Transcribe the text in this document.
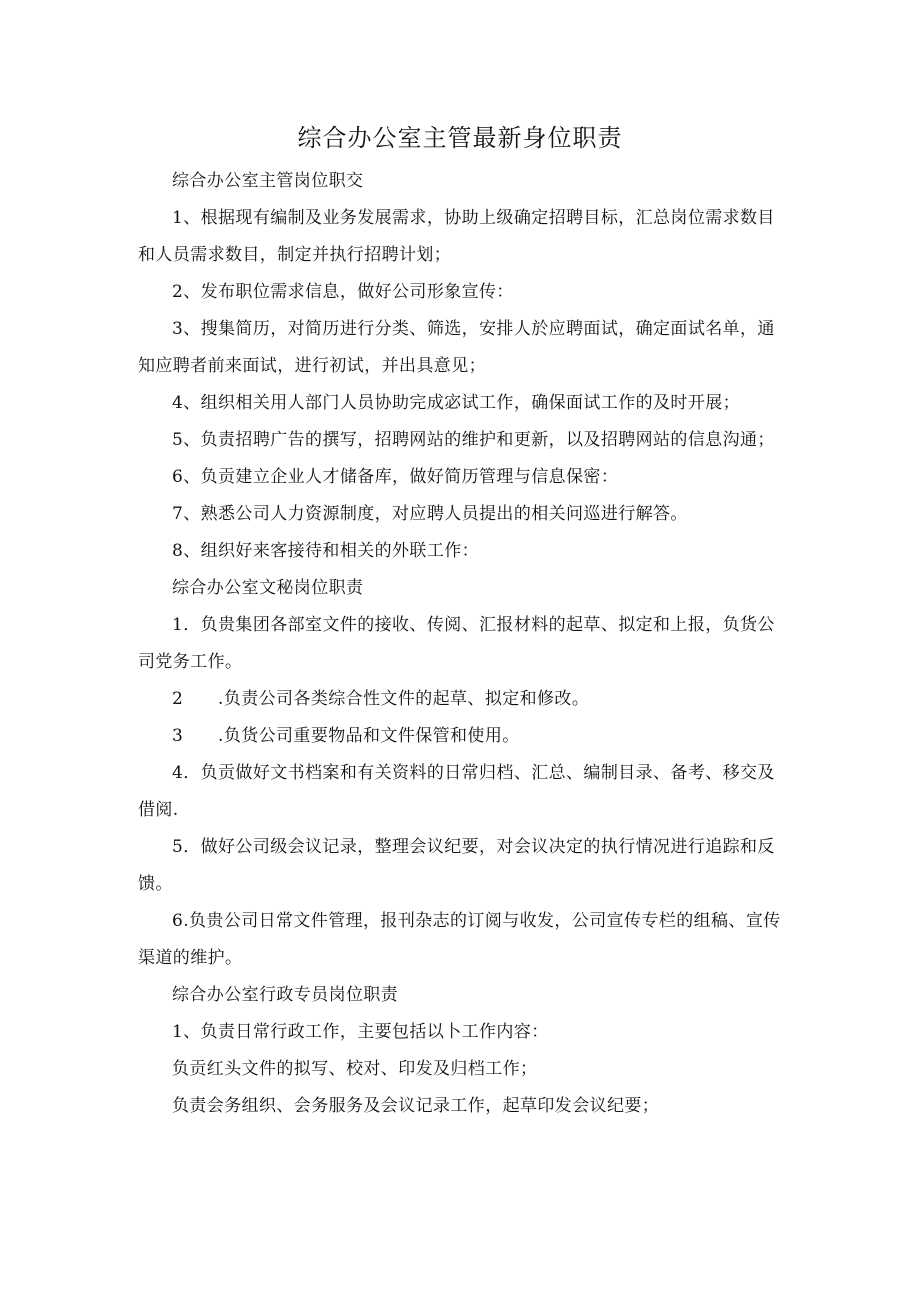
综合办公室主管最新身位职责

综合办公室主管岗位职交

1、根据现有编制及业务发展需求，协助上级确定招聘目标，汇总岗位需求数目和人员需求数目，制定并执行招聘计划；

2、发布职位需求信息，做好公司形象宣传：

3、搜集简历，对简历进行分类、筛选，安排人於应聘面试，确定面试名单，通知应聘者前来面试，进行初试，并出具意见；

4、组织相关用人部门人员协助完成宓试工作，确保面试工作的及时开展；

5、负责招聘广告的撰写，招聘网站的维护和更新，以及招聘网站的信息沟通；

6、负贡建立企业人才储备库，做好简历管理与信息保密：

7、熟悉公司人力资源制度，对应聘人员提出的相关问巡进行解答。

8、组织好来客接待和相关的外联工作：

综合办公室文秘岗位职责

1．负贵集团各部室文件的接收、传阅、汇报材料的起草、拟定和上报，负货公司党务工作。

2　　.负责公司各类综合性文件的起草、拟定和修改。

3　　.负货公司重要物品和文件保管和使用。

4．负贡做好文书档案和有关资料的日常归档、汇总、编制目录、备考、移交及借阅.

5．做好公司级会议记录，整理会议纪要，对会议决定的执行情况进行追踪和反馈。

6.负贵公司日常文件管理，报刊杂志的订阅与收发，公司宣传专栏的组稿、宣传渠道的维护。

综合办公室行政专员岗位职责

1、负责日常行政工作，主要包括以卜工作内容：

负贡红头文件的拟写、校对、印发及归档工作；

负责会务组织、会务服务及会议记录工作，起草印发会议纪要；
